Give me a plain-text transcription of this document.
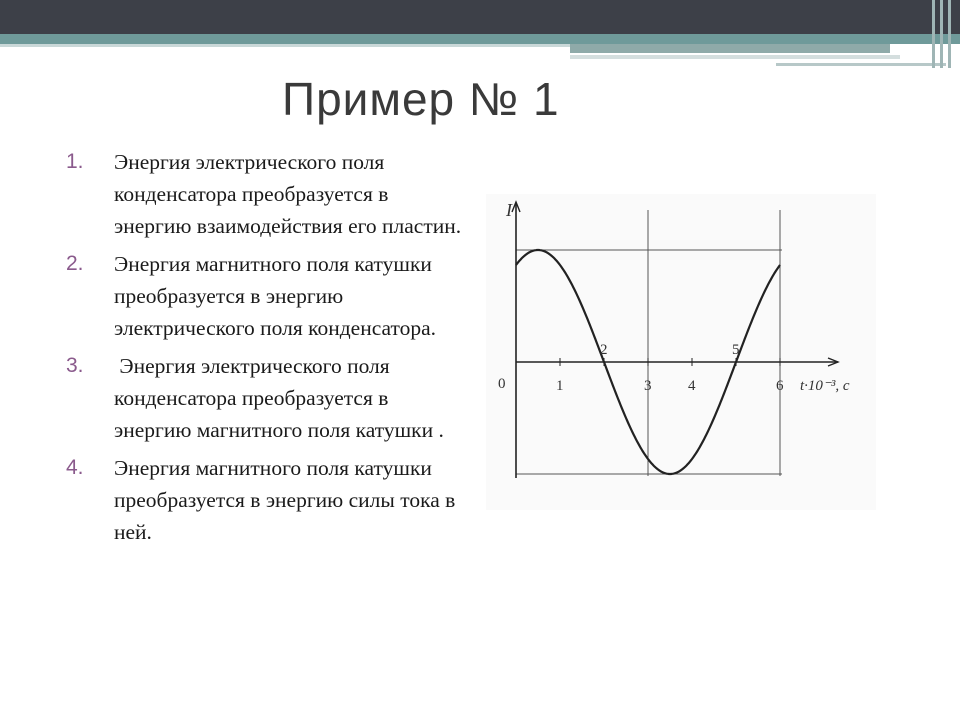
Пример № 1
1.	Энергия электрического поля конденсатора преобразуется в энергию взаимодействия его пластин.
2.	Энергия магнитного поля катушки преобразуется в энергию электрического поля конденсатора.
3.	Энергия электрического поля конденсатора преобразуется в энергию магнитного поля катушки .
4.	Энергия магнитного поля катушки преобразуется в энергию силы тока в ней.
I
0	t·10⁻³, с
1	3 4	6
2	5
